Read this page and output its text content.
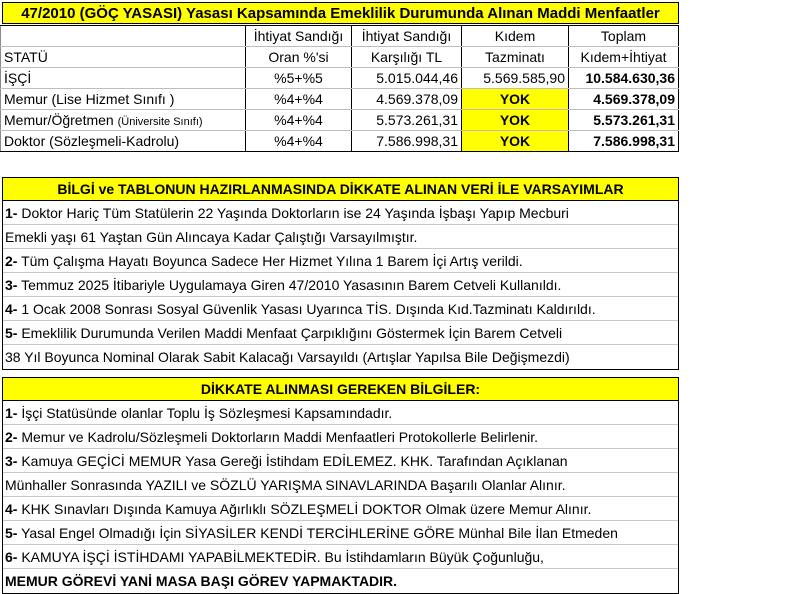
47/2010 (GÖÇ YASASI) Yasası Kapsamında Emeklilik Durumunda Alınan Maddi Menfaatler
	İhtiyat Sandığı	İhtiyat Sandığı	Kıdem	Toplam
STATÜ	Oran %'si	Karşılığı TL	Tazminatı	Kıdem+İhtiyat
İŞÇİ	%5+%5	5.015.044,46	5.569.585,90	10.584.630,36
Memur (Lise Hizmet Sınıfı )	%4+%4	4.569.378,09	YOK	4.569.378,09
Memur/Öğretmen (Üniversite Sınıfı)	%4+%4	5.573.261,31	YOK	5.573.261,31
Doktor (Sözleşmeli-Kadrolu)	%4+%4	7.586.998,31	YOK	7.586.998,31
BİLGİ ve TABLONUN HAZIRLANMASINDA DİKKATE ALINAN VERİ İLE VARSAYIMLAR
1- Doktor Hariç Tüm Statülerin 22 Yaşında Doktorların ise 24 Yaşında İşbaşı Yapıp Mecburi
Emekli yaşı 61 Yaştan Gün Alıncaya Kadar Çalıştığı Varsayılmıştır.
2- Tüm Çalışma Hayatı Boyunca Sadece Her Hizmet Yılına 1 Barem İçi Artış verildi.
3- Temmuz 2025 İtibariyle Uygulamaya Giren 47/2010 Yasasının Barem Cetveli Kullanıldı.
4- 1 Ocak 2008 Sonrası Sosyal Güvenlik Yasası Uyarınca TİS. Dışında Kıd.Tazminatı Kaldırıldı.
5- Emeklilik Durumunda Verilen Maddi Menfaat Çarpıklığını Göstermek İçin Barem Cetveli
38 Yıl Boyunca Nominal Olarak Sabit Kalacağı Varsayıldı (Artışlar Yapılsa Bile Değişmezdi)
DİKKATE ALINMASI GEREKEN BİLGİLER:
1- İşçi Statüsünde olanlar Toplu İş Sözleşmesi Kapsamındadır.
2- Memur ve Kadrolu/Sözleşmeli Doktorların Maddi Menfaatleri Protokollerle Belirlenir.
3- Kamuya GEÇİCİ MEMUR Yasa Gereği İstihdam EDİLEMEZ. KHK. Tarafından Açıklanan
Münhaller Sonrasında YAZILI ve SÖZLÜ YARIŞMA SINAVLARINDA Başarılı Olanlar Alınır.
4- KHK Sınavları Dışında Kamuya Ağırlıklı SÖZLEŞMELİ DOKTOR Olmak üzere Memur Alınır.
5- Yasal Engel Olmadığı İçin SİYASİLER KENDİ TERCİHLERİNE GÖRE Münhal Bile İlan Etmeden
6- KAMUYA İŞÇİ İSTİHDAMI YAPABİLMEKTEDİR. Bu İstihdamların Büyük Çoğunluğu,
MEMUR GÖREVİ YANİ MASA BAŞI GÖREV YAPMAKTADIR.
